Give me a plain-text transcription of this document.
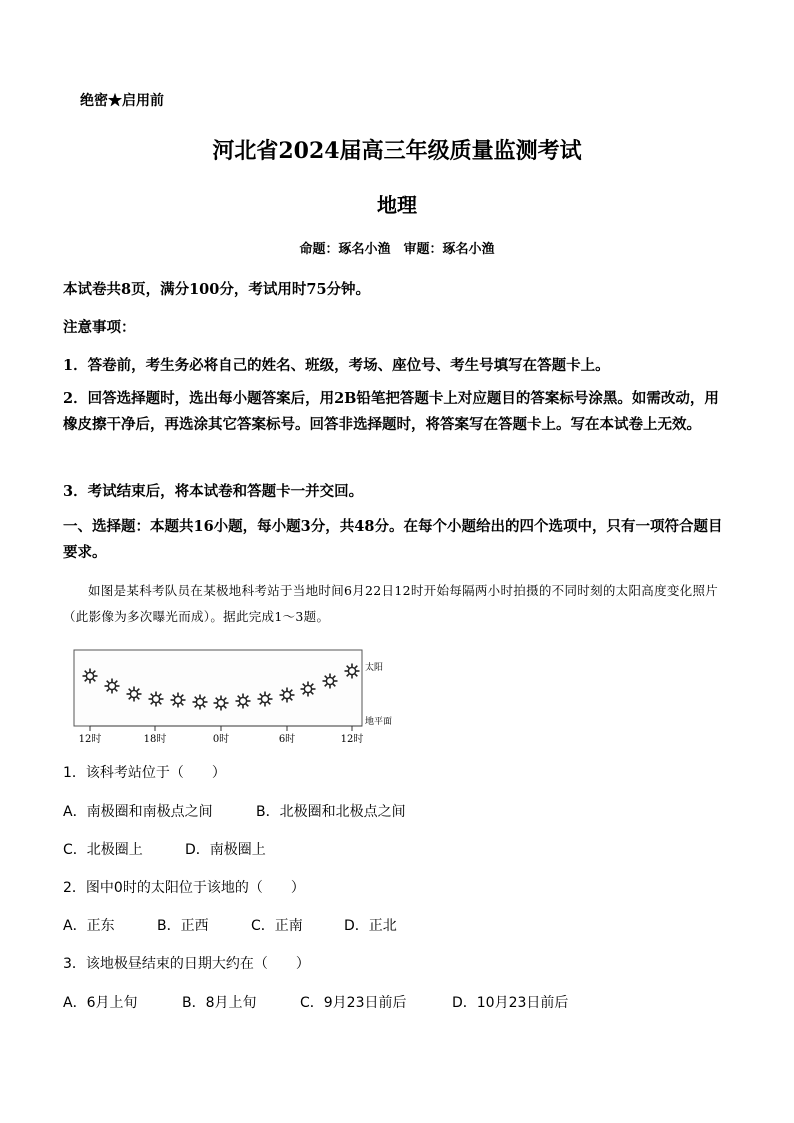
绝密★启用前
河北省2024届高三年级质量监测考试
地理
命题：琢名小渔　审题：琢名小渔
本试卷共8页，满分100分，考试用时75分钟。
注意事项：
1．答卷前，考生务必将自己的姓名、班级，考场、座位号、考生号填写在答题卡上。
2．回答选择题时，选出每小题答案后，用2B铅笔把答题卡上对应题目的答案标号涂黑。如需改动，用橡皮擦干净后，再选涂其它答案标号。回答非选择题时，将答案写在答题卡上。写在本试卷上无效。
3．考试结束后，将本试卷和答题卡一并交回。
一、选择题：本题共16小题，每小题3分，共48分。在每个小题给出的四个选项中，只有一项符合题目要求。
如图是某科考队员在某极地科考站于当地时间6月22日12时开始每隔两小时拍摄的不同时刻的太阳高度变化照片（此影像为多次曝光而成）。据此完成1～3题。
12时	18时	0时	6时	12时
太阳
地平面
1．该科考站位于（　　）
A．南极圈和南极点之间	B．北极圈和北极点之间
C．北极圈上	D．南极圈上
2．图中0时的太阳位于该地的（　　）
A．正东	B．正西	C．正南	D．正北
3．该地极昼结束的日期大约在（　　）
A．6月上旬	B．8月上旬	C．9月23日前后	D．10月23日前后
